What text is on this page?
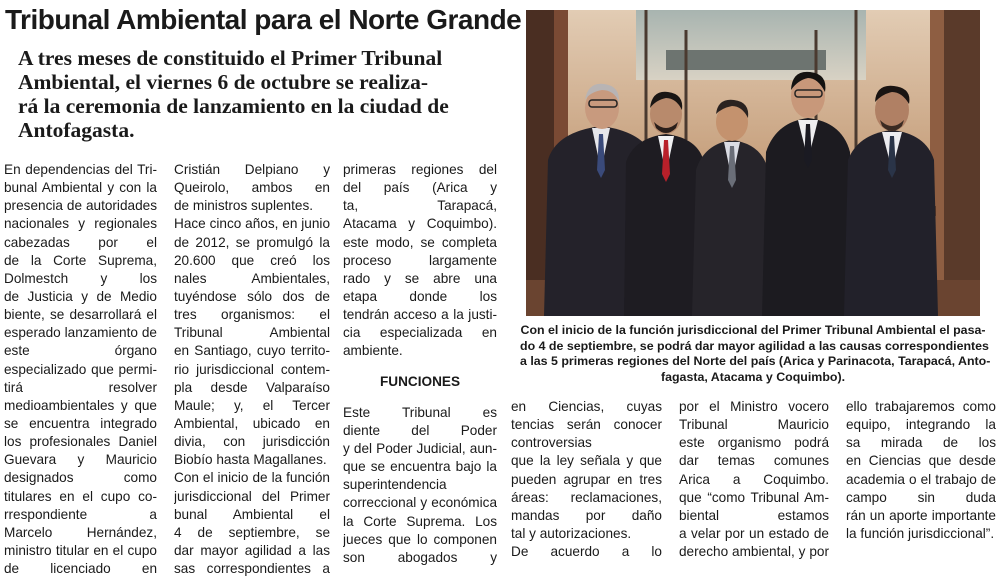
Tribunal Ambiental para el Norte Grande
A tres meses de constituido el Primer Tribunal
Ambiental, el viernes 6 de octubre se realiza-
rá la ceremonia de lanzamiento en la ciudad de
Antofagasta.
En dependencias del Tri-
bunal Ambiental y con la
presencia de autoridades
nacionales y regionales
cabezadas por el
de la Corte Suprema,
Dolmestch y los
de Justicia y de Medio
biente, se desarrollará el
esperado lanzamiento de
este órgano
especializado que permi-
tirá resolver
medioambientales y que
se encuentra integrado
los profesionales Daniel
Guevara y Mauricio
designados como
titulares en el cupo co-
rrespondiente a
Marcelo Hernández,
ministro titular en el cupo
de licenciado en
Cristián Delpiano y
Queirolo, ambos en
de ministros suplentes.
Hace cinco años, en junio
de 2012, se promulgó la
20.600 que creó los
nales Ambientales,
tuyéndose sólo dos de
tres organismos: el
Tribunal Ambiental
en Santiago, cuyo territo-
rio jurisdiccional contem-
pla desde Valparaíso
Maule; y, el Tercer
Ambiental, ubicado en
divia, con jurisdicción
Biobío hasta Magallanes.
Con el inicio de la función
jurisdiccional del Primer
bunal Ambiental el
4 de septiembre, se
dar mayor agilidad a las
sas correspondientes a
primeras regiones del
del país (Arica y
ta, Tarapacá,
Atacama y Coquimbo).
este modo, se completa
proceso largamente
rado y se abre una
etapa donde los
tendrán acceso a la justi-
cia especializada en
ambiente.
FUNCIONES
Este Tribunal es
diente del Poder
y del Poder Judicial, aun-
que se encuentra bajo la
superintendencia
correccional y económica
la Corte Suprema. Los
jueces que lo componen
son abogados y
en Ciencias, cuyas
tencias serán conocer
controversias
que la ley señala y que
pueden agrupar en tres
áreas: reclamaciones,
mandas por daño
tal y autorizaciones.
De acuerdo a lo
por el Ministro vocero
Tribunal Mauricio
este organismo podrá
dar temas comunes
Arica a Coquimbo.
que “como Tribunal Am-
biental estamos
a velar por un estado de
derecho ambiental, y por
ello trabajaremos como
equipo, integrando la
sa mirada de los
en Ciencias que desde
academia o el trabajo de
campo sin duda
rán un aporte importante
la función jurisdiccional”.
Con el inicio de la función jurisdiccional del Primer Tribunal Ambiental el pasa-
do 4 de septiembre, se podrá dar mayor agilidad a las causas correspondientes
a las 5 primeras regiones del Norte del país (Arica y Parinacota, Tarapacá, Anto-
fagasta, Atacama y Coquimbo).
